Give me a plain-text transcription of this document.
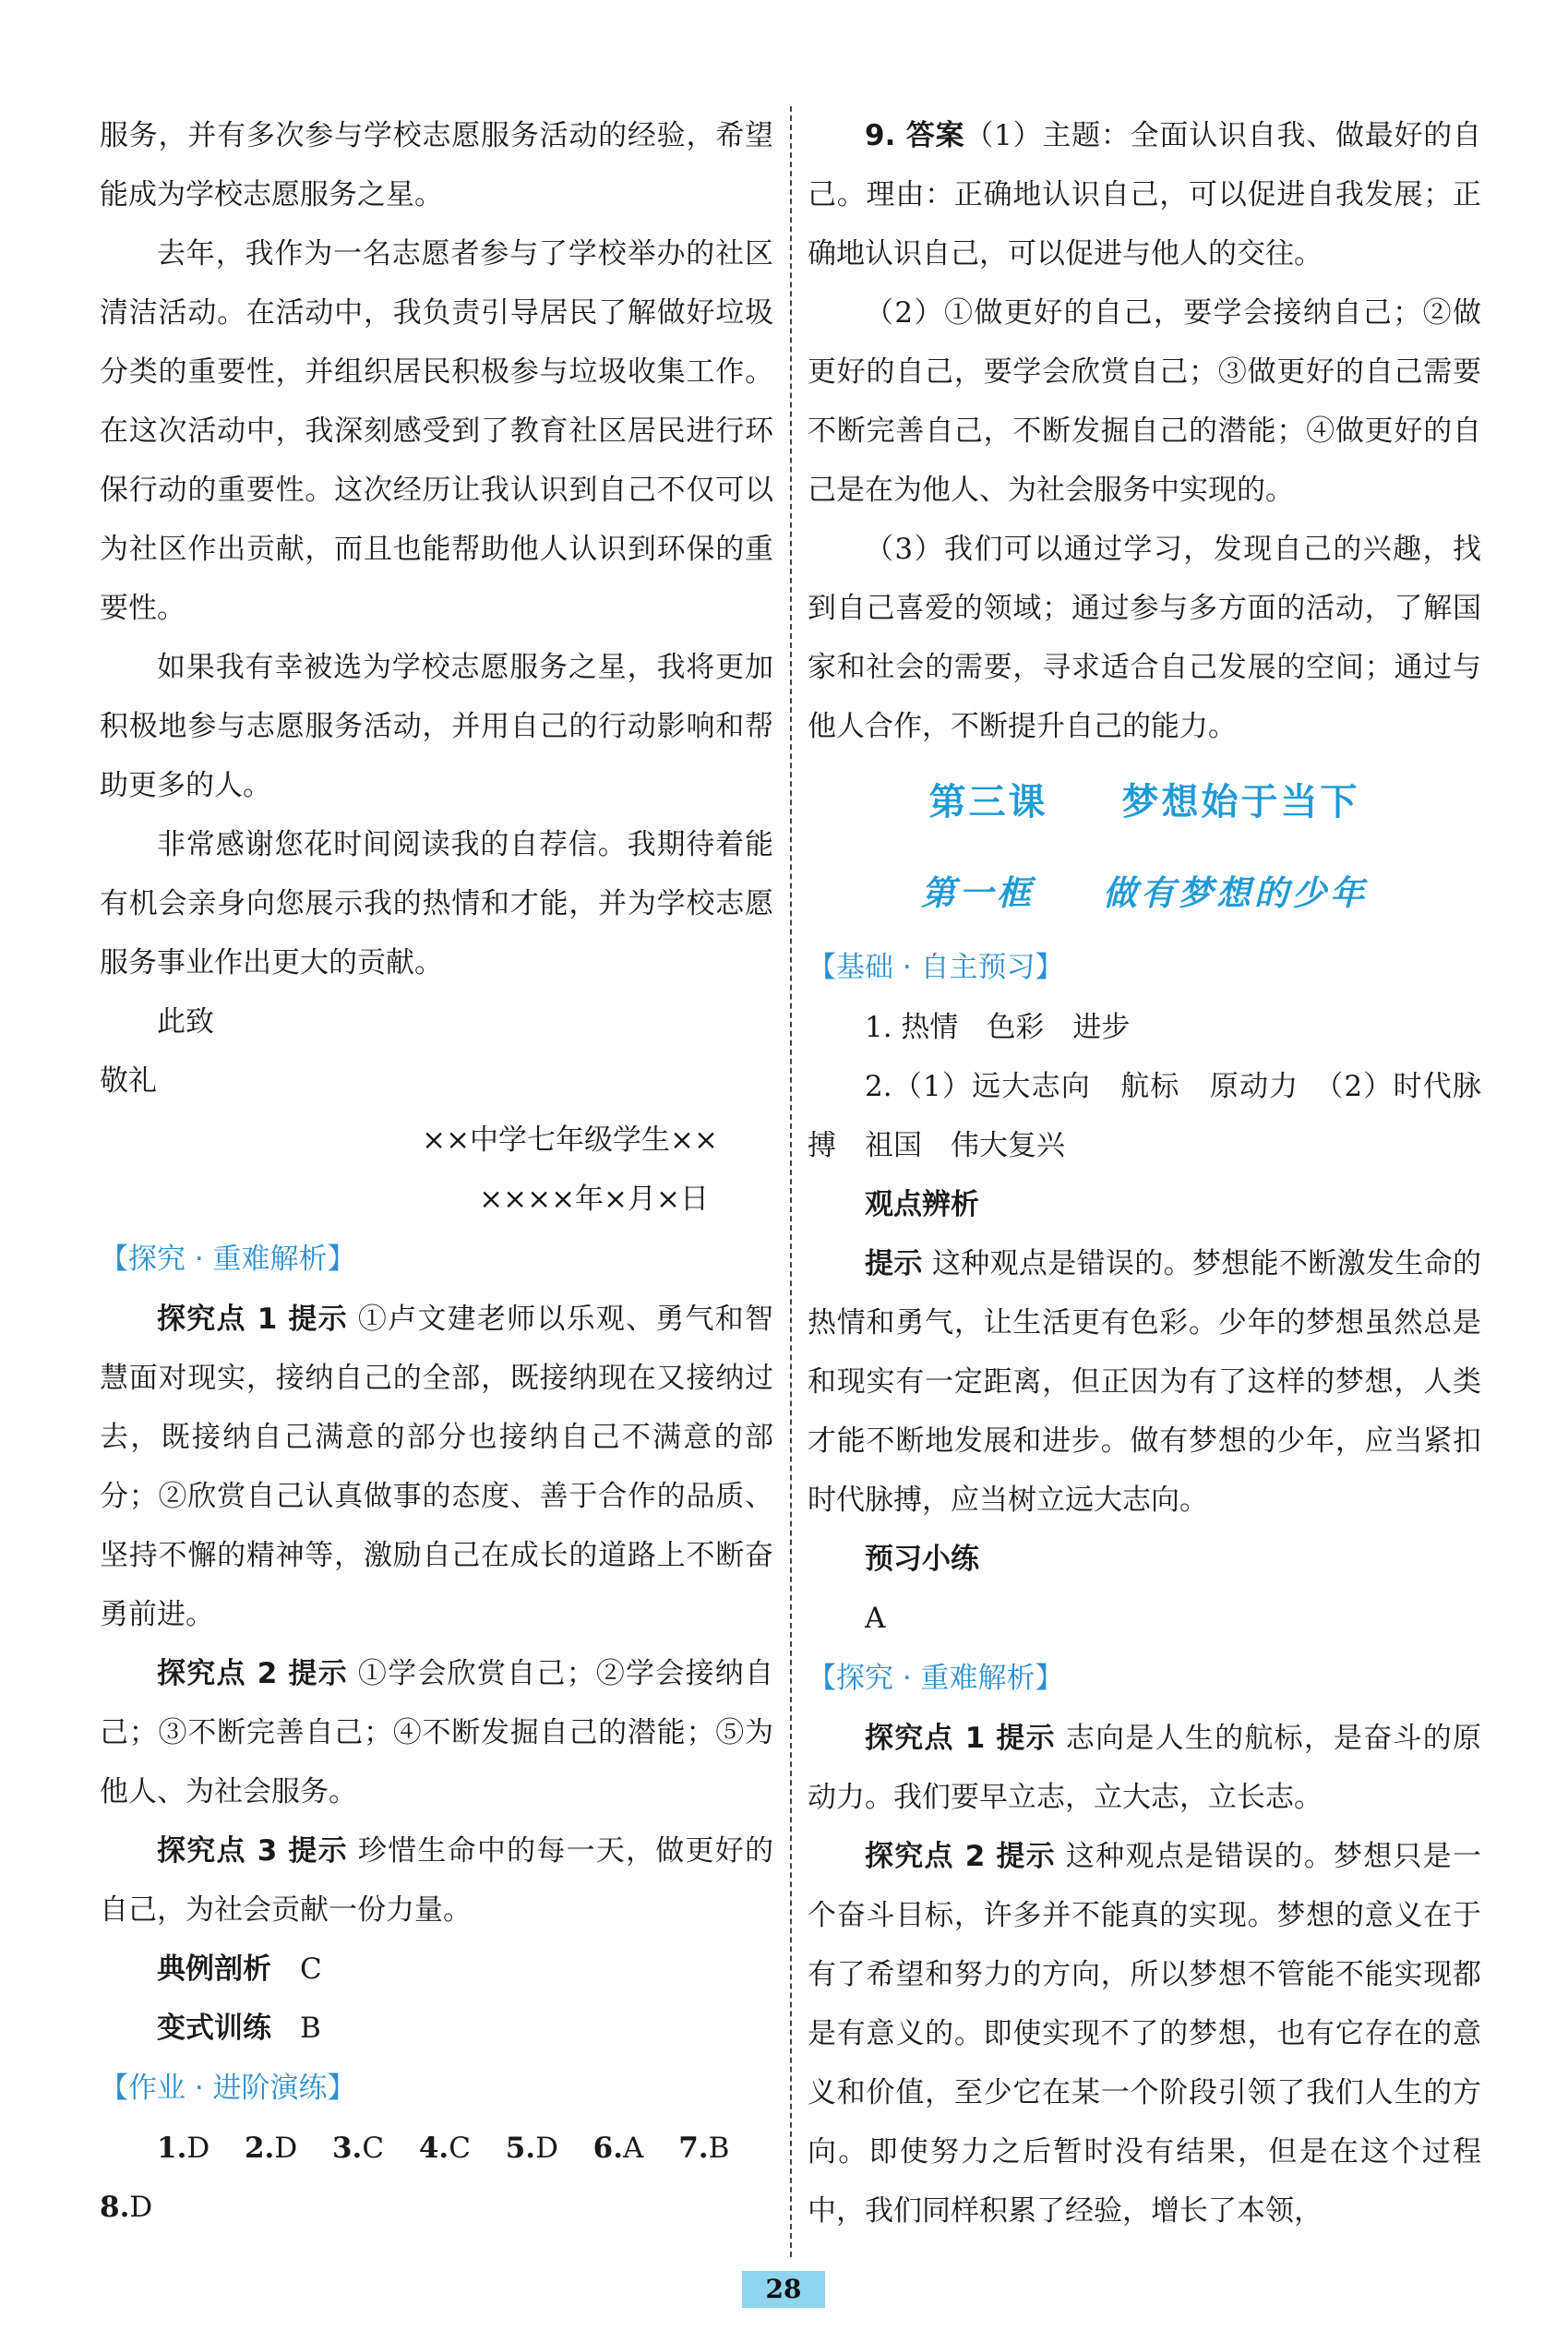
服务，并有多次参与学校志愿服务活动的经验，希望能成为学校志愿服务之星。

去年，我作为一名志愿者参与了学校举办的社区清洁活动。在活动中，我负责引导居民了解做好垃圾分类的重要性，并组织居民积极参与垃圾收集工作。在这次活动中，我深刻感受到了教育社区居民进行环保行动的重要性。这次经历让我认识到自己不仅可以为社区作出贡献，而且也能帮助他人认识到环保的重要性。

如果我有幸被选为学校志愿服务之星，我将更加积极地参与志愿服务活动，并用自己的行动影响和帮助更多的人。

非常感谢您花时间阅读我的自荐信。我期待着能有机会亲身向您展示我的热情和才能，并为学校志愿服务事业作出更大的贡献。

此致

敬礼

××中学七年级学生××

××××年×月×日

【探究 · 重难解析】

探究点 1 提示 ①卢文建老师以乐观、勇气和智慧面对现实，接纳自己的全部，既接纳现在又接纳过去，既接纳自己满意的部分也接纳自己不满意的部分；②欣赏自己认真做事的态度、善于合作的品质、坚持不懈的精神等，激励自己在成长的道路上不断奋勇前进。

探究点 2 提示 ①学会欣赏自己；②学会接纳自己；③不断完善自己；④不断发掘自己的潜能；⑤为他人、为社会服务。

探究点 3 提示 珍惜生命中的每一天，做更好的自己，为社会贡献一份力量。

典例剖析　 C

变式训练　 B

【作业 · 进阶演练】

1.D 2.D 3.C 4.C 5.D 6.A 7.B

8.D

9. 答案（1）主题：全面认识自我、做最好的自己。理由：正确地认识自己，可以促进自我发展；正确地认识自己，可以促进与他人的交往。

（2）①做更好的自己，要学会接纳自己；②做更好的自己，要学会欣赏自己；③做更好的自己需要不断完善自己，不断发掘自己的潜能；④做更好的自己是在为他人、为社会服务中实现的。

（3）我们可以通过学习，发现自己的兴趣，找到自己喜爱的领域；通过参与多方面的活动，了解国家和社会的需要，寻求适合自己发展的空间；通过与他人合作，不断提升自己的能力。

第三课 梦想始于当下
第一框 做有梦想的少年
【基础 · 自主预习】

1. 热情　色彩　进步

2.（1）远大志向　航标　原动力　（2）时代脉搏　祖国　伟大复兴

观点辨析

提示 这种观点是错误的。梦想能不断激发生命的热情和勇气，让生活更有色彩。少年的梦想虽然总是和现实有一定距离，但正因为有了这样的梦想，人类才能不断地发展和进步。做有梦想的少年，应当紧扣时代脉搏，应当树立远大志向。

预习小练

A

【探究 · 重难解析】

探究点 1 提示 志向是人生的航标，是奋斗的原动力。我们要早立志，立大志，立长志。

探究点 2 提示 这种观点是错误的。梦想只是一个奋斗目标，许多并不能真的实现。梦想的意义在于有了希望和努力的方向，所以梦想不管能不能实现都是有意义的。即使实现不了的梦想，也有它存在的意义和价值，至少它在某一个阶段引领了我们人生的方向。即使努力之后暂时没有结果，但是在这个过程中，我们同样积累了经验，增长了本领，

28
